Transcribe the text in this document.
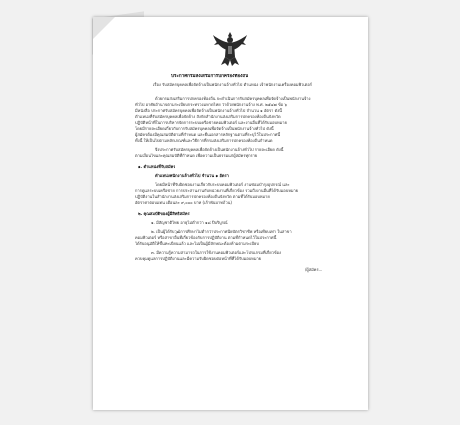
ประกาศกรมส่งเสริมการปกครองท้องถิ่น
เรื่อง รับสมัครบุคคลเพื่อจัดจ้างเป็นพนักงานจ้างทั่วไป ตำแหน่ง เจ้าพนักงานเครื่องคอมพิวเตอร์
ด้วยกรมส่งเสริมการปกครองท้องถิ่น จะดำเนินการรับสมัครบุคคลเพื่อจัดจ้างเป็นพนักงานจ้าง
ทั่วไป อาศัยอำนาจตามระเบียบกระทรวงมหาดไทย ว่าด้วยพนักงานจ้าง พ.ศ. ๒๕๔๗ ข้อ ๖
มีหนังสือ ประกาศรับสมัครบุคคลเพื่อจัดจ้างเป็นพนักงานจ้างทั่วไป จำนวน ๑ อัตรา ดังนี้
ตำแหน่งที่รับสมัครบุคคลเพื่อจัดจ้าง สังกัดสำนักงานส่งเสริมการปกครองท้องถิ่นจังหวัด
ปฏิบัติหน้าที่ในการบริหารจัดการระบบเครือข่ายคอมพิวเตอร์ และงานอื่นที่ได้รับมอบหมาย
โดยมีรายละเอียดเกี่ยวกับการรับสมัครบุคคลเพื่อจัดจ้างเป็นพนักงานจ้างทั่วไป ดังนี้
ผู้สมัครต้องมีคุณสมบัติตามที่กำหนด และยื่นเอกสารหลักฐานตามที่ระบุไว้ในประกาศนี้
ทั้งนี้ ให้เป็นไปตามหลักเกณฑ์และวิธีการที่กรมส่งเสริมการปกครองท้องถิ่นกำหนด
จึงประกาศรับสมัครบุคคลเพื่อจัดจ้างเป็นพนักงานจ้างทั่วไป รายละเอียด ดังนี้
ตามเงื่อนไขและคุณสมบัติที่กำหนด เพื่อความเป็นธรรมแก่ผู้สมัครทุกราย
๑. ตำแหน่งที่รับสมัคร
ตำแหน่งพนักงานจ้างทั่วไป จำนวน ๑ อัตรา
โดยมีหน้าที่รับผิดชอบงานเกี่ยวกับระบบคอมพิวเตอร์ งานซ่อมบำรุงอุปกรณ์ และ
การดูแลระบบเครือข่าย การประสานงานกับหน่วยงานที่เกี่ยวข้อง รวมถึงงานอื่นที่ได้รับมอบหมาย
ปฏิบัติงานในสำนักงานส่งเสริมการปกครองท้องถิ่นจังหวัด ตามที่ได้รับมอบหมาย
อัตราค่าตอบแทน เดือนละ ๙,๐๐๐ บาท (เก้าพันบาทถ้วน)
๒. คุณสมบัติของผู้มีสิทธิสมัคร
๑. มีสัญชาติไทย อายุไม่ต่ำกว่า ๑๘ ปีบริบูรณ์
๒. เป็นผู้ได้รับวุฒิการศึกษาไม่ต่ำกว่าประกาศนียบัตรวิชาชีพ หรือเทียบเท่า ในสาขา
คอมพิวเตอร์ หรือสาขาอื่นที่เกี่ยวข้องกับการปฏิบัติงาน ตามที่กำหนดไว้ในประกาศนี้
ได้รับอนุมัติให้ขึ้นทะเบียนแล้ว และไม่เป็นผู้มีลักษณะต้องห้ามตามระเบียบ
๓. มีความรู้ความสามารถในการใช้งานคอมพิวเตอร์และโปรแกรมที่เกี่ยวข้อง
ควบคุมดูแลการปฏิบัติงานและมีความรับผิดชอบต่อหน้าที่ที่ได้รับมอบหมาย
/ผู้สมัคร...
